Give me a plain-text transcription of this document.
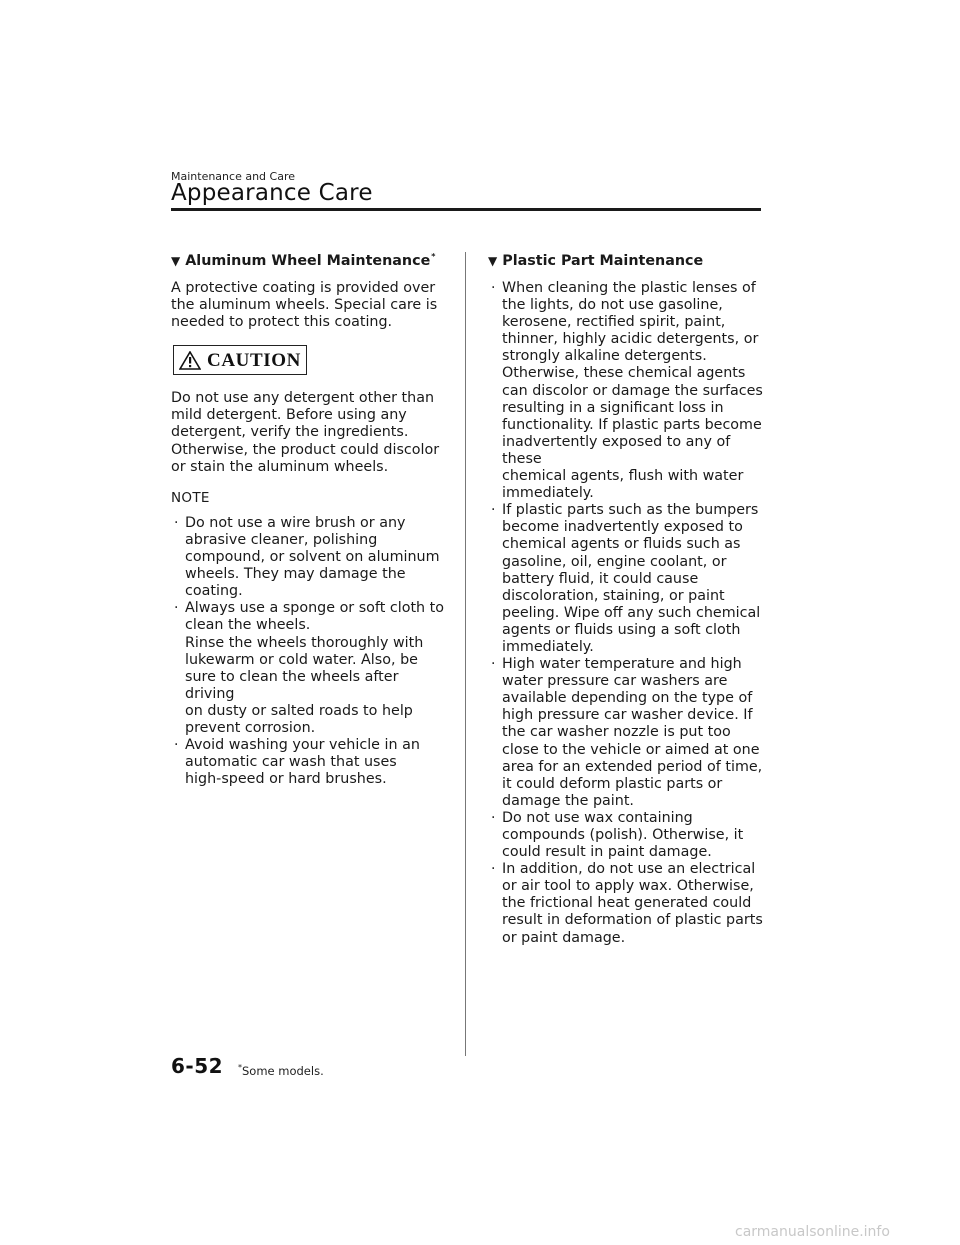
Maintenance and Care
Appearance Care
▼ Aluminum Wheel Maintenance*

A protective coating is provided over
the aluminum wheels. Special care is
needed to protect this coating.

CAUTION

Do not use any detergent other than
mild detergent. Before using any
detergent, verify the ingredients.
Otherwise, the product could discolor
or stain the aluminum wheels.

NOTE
· Do not use a wire brush or any
abrasive cleaner, polishing
compound, or solvent on aluminum
wheels. They may damage the
coating.
· Always use a sponge or soft cloth to
clean the wheels.
Rinse the wheels thoroughly with
lukewarm or cold water. Also, be
sure to clean the wheels after driving
on dusty or salted roads to help
prevent corrosion.
· Avoid washing your vehicle in an
automatic car wash that uses
high-speed or hard brushes.
▼ Plastic Part Maintenance
· When cleaning the plastic lenses of
the lights, do not use gasoline,
kerosene, rectified spirit, paint,
thinner, highly acidic detergents, or
strongly alkaline detergents.
Otherwise, these chemical agents
can discolor or damage the surfaces
resulting in a significant loss in
functionality. If plastic parts become
inadvertently exposed to any of these
chemical agents, flush with water
immediately.
· If plastic parts such as the bumpers
become inadvertently exposed to
chemical agents or fluids such as
gasoline, oil, engine coolant, or
battery fluid, it could cause
discoloration, staining, or paint
peeling. Wipe off any such chemical
agents or fluids using a soft cloth
immediately.
· High water temperature and high
water pressure car washers are
available depending on the type of
high pressure car washer device. If
the car washer nozzle is put too
close to the vehicle or aimed at one
area for an extended period of time,
it could deform plastic parts or
damage the paint.
· Do not use wax containing
compounds (polish). Otherwise, it
could result in paint damage.
· In addition, do not use an electrical
or air tool to apply wax. Otherwise,
the frictional heat generated could
result in deformation of plastic parts
or paint damage.
6-52 *Some models.
carmanualsonline.info
